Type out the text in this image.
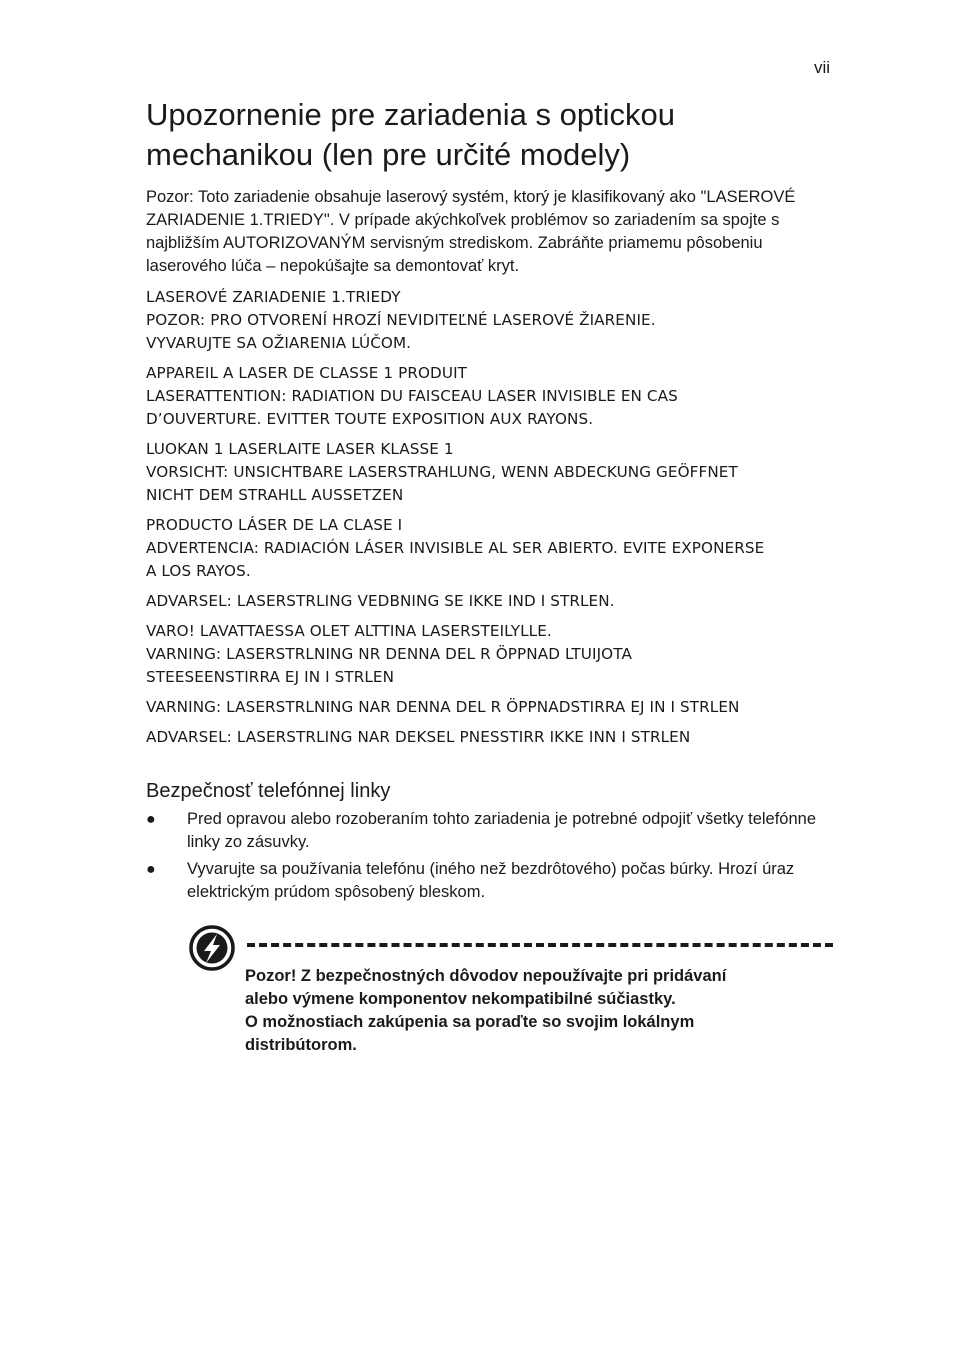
vii
Upozornenie pre zariadenia s optickou mechanikou (len pre určité modely)

Pozor: Toto zariadenie obsahuje laserový systém, ktorý je klasifikovaný ako "LASEROVÉ ZARIADENIE 1.TRIEDY". V prípade akýchkoľvek problémov so zariadením sa spojte s najbližším AUTORIZOVANÝM servisným strediskom. Zabráňte priamemu pôsobeniu laserového lúča – nepokúšajte sa demontovať kryt.

LASEROVÉ ZARIADENIE 1.TRIEDY
POZOR: PRO OTVORENÍ HROZÍ NEVIDITEĽNÉ LASEROVÉ ŽIARENIE.
VYVARUJTE SA OŽIARENIA LÚČOM.
APPAREIL A LASER DE CLASSE 1 PRODUIT
LASERATTENTION: RADIATION DU FAISCEAU LASER INVISIBLE EN CAS
D’OUVERTURE. EVITTER TOUTE EXPOSITION AUX RAYONS.
LUOKAN 1 LASERLAITE LASER KLASSE 1
VORSICHT: UNSICHTBARE LASERSTRAHLUNG, WENN ABDECKUNG GEÖFFNET
NICHT DEM STRAHLL AUSSETZEN
PRODUCTO LÁSER DE LA CLASE I
ADVERTENCIA: RADIACIÓN LÁSER INVISIBLE AL SER ABIERTO. EVITE EXPONERSE
A LOS RAYOS.
ADVARSEL: LASERSTRLING VEDBNING SE IKKE IND I STRLEN.
VARO! LAVATTAESSA OLET ALTTINA LASERSTEILYLLE.
VARNING: LASERSTRLNING NR DENNA DEL R ÖPPNAD LTUIJOTA
STEESEENSTIRRA EJ IN I STRLEN
VARNING: LASERSTRLNING NAR DENNA DEL R ÖPPNADSTIRRA EJ IN I STRLEN
ADVARSEL: LASERSTRLING NAR DEKSEL PNESSTIRR IKKE INN I STRLEN
Bezpečnosť telefónnej linky
● Pred opravou alebo rozoberaním tohto zariadenia je potrebné odpojiť všetky telefónne linky zo zásuvky.
● Vyvarujte sa používania telefónu (iného než bezdrôtového) počas búrky. Hrozí úraz elektrickým prúdom spôsobený bleskom.

Pozor! Z bezpečnostných dôvodov nepoužívajte pri pridávaní
alebo výmene komponentov nekompatibilné súčiastky.
O možnostiach zakúpenia sa poraďte so svojim lokálnym
distribútorom.
